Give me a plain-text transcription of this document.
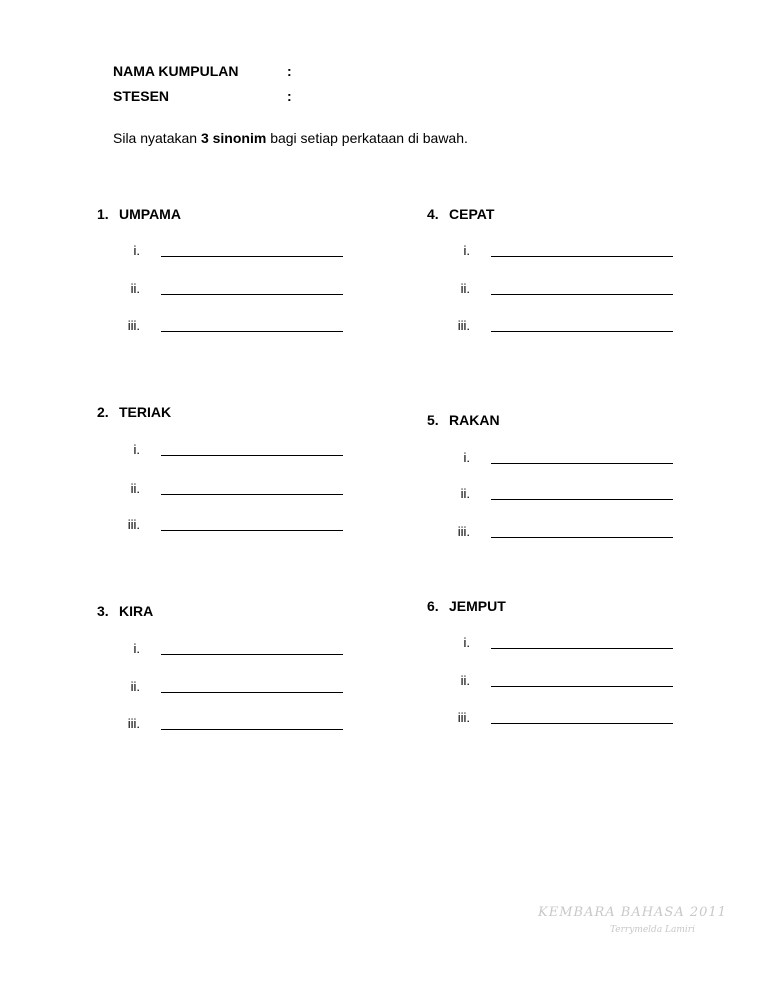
NAMA KUMPULAN	:
STESEN	:
Sila nyatakan 3 sinonim bagi setiap perkataan di bawah.
1. UMPAMA
i.
ii.
iii.
4. CEPAT
i.
ii.
iii.
2. TERIAK
i.
ii.
iii.
5. RAKAN
i.
ii.
iii.
3. KIRA
i.
ii.
iii.
6. JEMPUT
i.
ii.
iii.
KEMBARA BAHASA 2011
Terrymelda Lamiri
